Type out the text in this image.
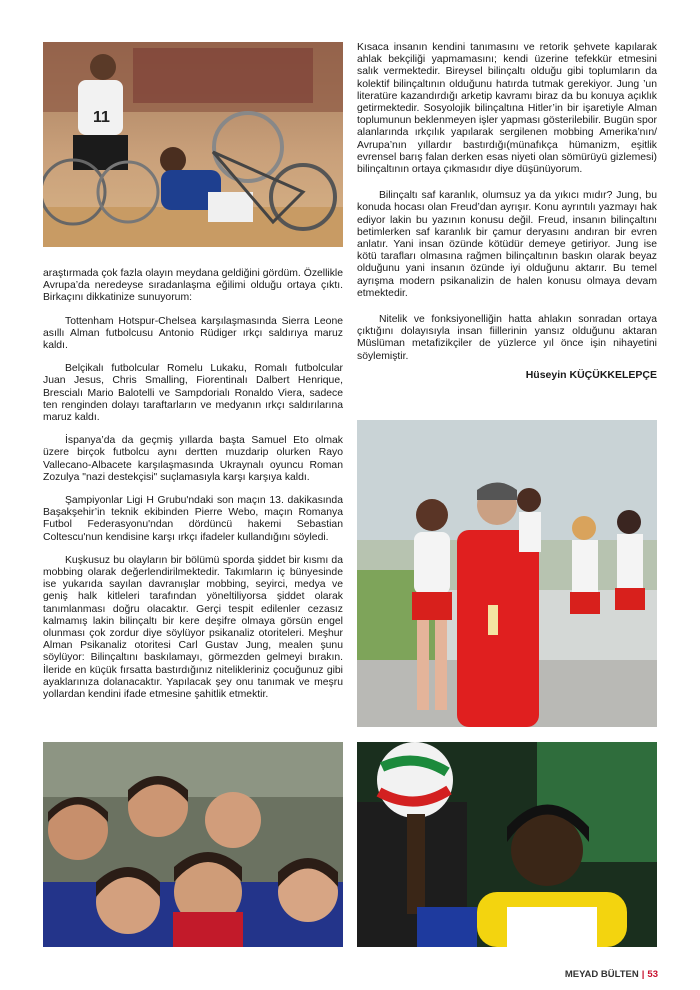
11

araştırmada çok fazla olayın meydana geldiğini gördüm. Özellikle Avrupa’da neredeyse sıradanlaşma eğilimi olduğu ortaya çıktı. Birkaçını dikkatinize sunuyorum:

Tottenham Hotspur-Chelsea karşılaşmasında Sierra Leone asıllı Alman futbolcusu Antonio Rüdiger ırkçı saldırıya maruz kaldı.

Belçikalı futbolcular Romelu Lukaku, Romalı futbolcular Juan Jesus, Chris Smalling, Fiorentinalı Dalbert Henrique, Brescialı Mario Balotelli ve Sampdorialı Ronaldo Viera, sadece ten renginden dolayı taraftarların ve medyanın ırkçı saldırılarına maruz kaldı.

İspanya’da da geçmiş yıllarda başta Samuel Eto olmak üzere birçok futbolcu aynı dertten muzdarip olurken Rayo Vallecano-Albacete karşılaşmasında Ukraynalı oyuncu Roman Zozulya "nazi destekçisi" suçlamasıyla karşı karşıya kaldı.

Şampiyonlar Ligi H Grubu'ndaki son maçın 13. dakikasında Başakşehir’in teknik ekibinden Pierre Webo, maçın Romanya Futbol Federasyonu'ndan dördüncü hakemi Sebastian Coltescu'nun kendisine karşı ırkçı ifadeler kullandığını söyledi.

Kuşkusuz bu olayların bir bölümü sporda şiddet bir kısmı da mobbing olarak değerlendirilmektedir. Takımların iç bünyesinde ise yukarıda sayılan davranışlar mobbing, seyirci, medya ve geniş halk kitleleri tarafından yöneltiliyorsa şiddet olarak tanımlanması doğru olacaktır. Gerçi tespit edilenler cezasız kalmamış lakin bilinçaltı bir kere deşifre olmaya görsün engel olunması çok zordur diye söylüyor psikanaliz otoriteleri. Meşhur Alman Psikanaliz otoritesi Carl Gustav Jung, mealen şunu söylüyor: Bilinçaltını baskılamayı, görmezden gelmeyi bırakın. İleride en küçük fırsatta bastırdığınız nitelikleriniz çocuğunuz gibi ayaklarınıza dolanacaktır. Yapılacak şey onu tanımak ve meşru yollardan kendini ifade etmesine şahitlik etmektir.

Kısaca insanın kendini tanımasını ve retorik şehvete kapılarak ahlak bekçiliği yapmamasını; kendi üzerine tefekkür etmesini salık vermektedir. Bireysel bilinçaltı olduğu gibi toplumların da kolektif bilinçaltının olduğunu hatırda tutmak gerekiyor. Jung ’un literatüre kazandırdığı arketip kavramı biraz da bu konuya açıklık getirmektedir. Sosyolojik bilinçaltına Hitler’in bir işaretiyle Alman toplumunun beklenmeyen işler yapması gösterilebilir. Bugün spor alanlarında ırkçılık yapılarak sergilenen mobbing Amerika’nın/ Avrupa’nın yıllardır bastırdığı(münafıkça hümanizm, eşitlik evrensel barış falan derken esas niyeti olan sömürüyü gizlemesi) bilinçaltının ortaya çıkmasıdır diye düşünüyorum.

Bilinçaltı saf karanlık, olumsuz ya da yıkıcı mıdır? Jung, bu konuda hocası olan Freud’dan ayrışır. Konu ayrıntılı yazmayı hak ediyor lakin bu yazının konusu değil. Freud, insanın bilinçaltını betimlerken saf karanlık bir çamur deryasını andıran bir evren anlatır. Yani insan özünde kötüdür demeye getiriyor. Jung ise kötü tarafları olmasına rağmen bilinçaltının baskın olarak beyaz olduğunu yani insanın özünde iyi olduğunu aktarır. Bu temel ayrışma modern psikanalizin de halen konusu olmaya devam etmektedir.

Nitelik ve fonksiyonelliğin hatta ahlakın sonradan ortaya çıktığını dolayısıyla insan fiillerinin yansız olduğunu aktaran Müslüman metafizikçiler de yüzlerce yıl önce işin nihayetini söylemiştir.

Hüseyin KÜÇÜKKELEPÇE

MEYAD BÜLTEN | 53
